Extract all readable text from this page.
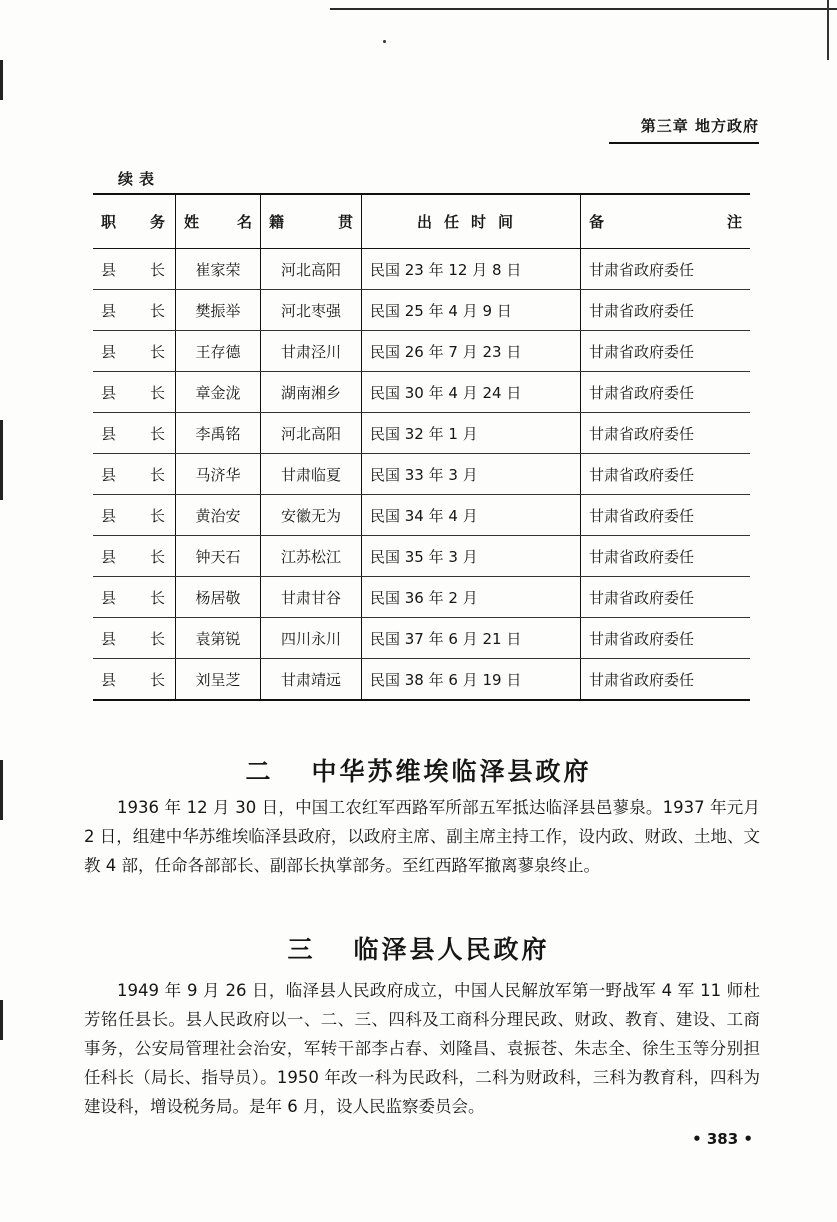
第三章 地方政府
续表
职务	姓名	籍贯	出任时间	备注
县长	崔家荣	河北高阳	民国 23 年 12 月 8 日	甘肃省政府委任
县长	樊振举	河北枣强	民国 25 年 4 月 9 日	甘肃省政府委任
县长	王存德	甘肃泾川	民国 26 年 7 月 23 日	甘肃省政府委任
县长	章金泷	湖南湘乡	民国 30 年 4 月 24 日	甘肃省政府委任
县长	李禹铭	河北高阳	民国 32 年 1 月	甘肃省政府委任
县长	马济华	甘肃临夏	民国 33 年 3 月	甘肃省政府委任
县长	黄治安	安徽无为	民国 34 年 4 月	甘肃省政府委任
县长	钟天石	江苏松江	民国 35 年 3 月	甘肃省政府委任
县长	杨居敬	甘肃甘谷	民国 36 年 2 月	甘肃省政府委任
县长	袁第锐	四川永川	民国 37 年 6 月 21 日	甘肃省政府委任
县长	刘呈芝	甘肃靖远	民国 38 年 6 月 19 日	甘肃省政府委任
二 中华苏维埃临泽县政府

1936 年 12 月 30 日，中国工农红军西路军所部五军抵达临泽县邑蓼泉。1937 年元月 2 日，组建中华苏维埃临泽县政府，以政府主席、副主席主持工作，设内政、财政、土地、文教 4 部，任命各部部长、副部长执掌部务。至红西路军撤离蓼泉终止。

三 临泽县人民政府

1949 年 9 月 26 日，临泽县人民政府成立，中国人民解放军第一野战军 4 军 11 师杜芳铭任县长。县人民政府以一、二、三、四科及工商科分理民政、财政、教育、建设、工商事务，公安局管理社会治安，军转干部李占春、刘隆昌、袁振苍、朱志全、徐生玉等分别担任科长（局长、指导员）。1950 年改一科为民政科，二科为财政科，三科为教育科，四科为建设科，增设税务局。是年 6 月，设人民监察委员会。

• 383 •
